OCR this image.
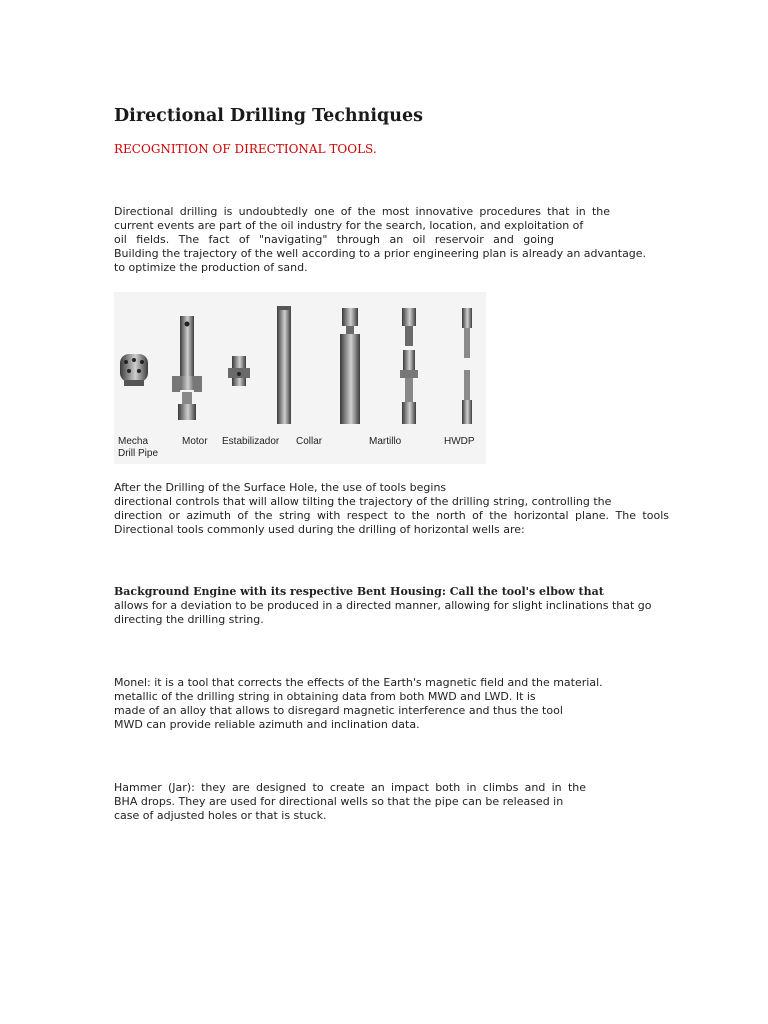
Directional Drilling Techniques

RECOGNITION OF DIRECTIONAL TOOLS.

Directional drilling is undoubtedly one of the most innovative procedures that in the
current events are part of the oil industry for the search, location, and exploitation of
oil fields. The fact of "navigating" through an oil reservoir and going
Building the trajectory of the well according to a prior engineering plan is already an advantage.
to optimize the production of sand.
Mecha
Drill Pipe
Motor Estabilizador Collar	Martillo	HWDP
After the Drilling of the Surface Hole, the use of tools begins
directional controls that will allow tilting the trajectory of the drilling string, controlling the
direction or azimuth of the string with respect to the north of the horizontal plane. The tools
Directional tools commonly used during the drilling of horizontal wells are:
Background Engine with its respective Bent Housing: Call the tool's elbow that
allows for a deviation to be produced in a directed manner, allowing for slight inclinations that go
directing the drilling string.
Monel: it is a tool that corrects the effects of the Earth's magnetic field and the material.
metallic of the drilling string in obtaining data from both MWD and LWD. It is
made of an alloy that allows to disregard magnetic interference and thus the tool
MWD can provide reliable azimuth and inclination data.
Hammer (Jar): they are designed to create an impact both in climbs and in the
BHA drops. They are used for directional wells so that the pipe can be released in
case of adjusted holes or that is stuck.
